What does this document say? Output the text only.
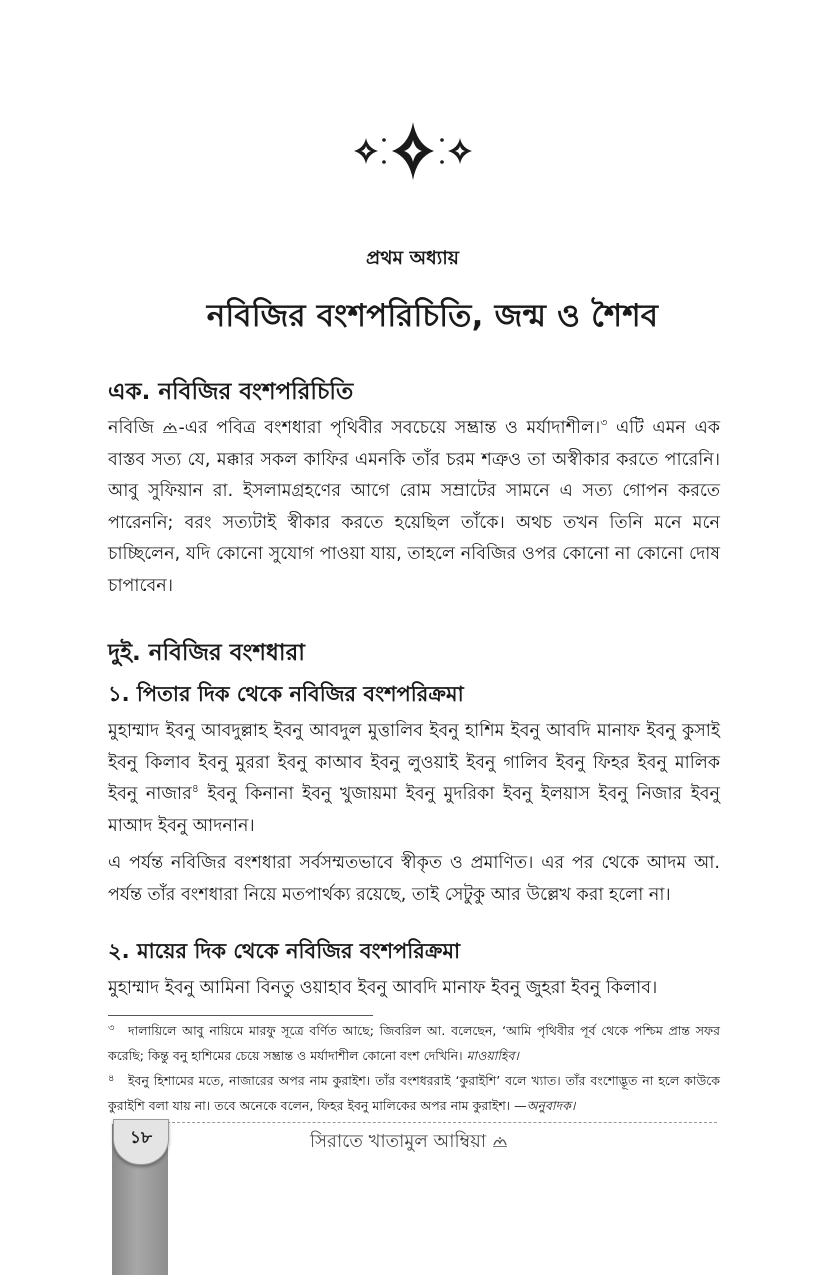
প্রথম অধ্যায়
নবিজির বংশপরিচিতি, জন্ম ও শৈশব
এক. নবিজির বংশপরিচিতি

নবিজি -এর পবিত্র বংশধারা পৃথিবীর সবচেয়ে সম্ভ্রান্ত ও মর্যাদাশীল।$^৩$ এটি এমন এক বাস্তব সত্য যে, মক্কার সকল কাফির এমনকি তাঁর চরম শত্রুও তা অস্বীকার করতে পারেনি। আবু সুফিয়ান রা. ইসলামগ্রহণের আগে রোম সম্রাটের সামনে এ সত্য গোপন করতে পারেননি; বরং সত্যটাই স্বীকার করতে হয়েছিল তাঁকে। অথচ তখন তিনি মনে মনে চাচ্ছিলেন, যদি কোনো সুযোগ পাওয়া যায়, তাহলে নবিজির ওপর কোনো না কোনো দোষ চাপাবেন।

দুই. নবিজির বংশধারা
১. পিতার দিক থেকে নবিজির বংশপরিক্রমা

মুহাম্মাদ ইবনু আবদুল্লাহ ইবনু আবদুল মুত্তালিব ইবনু হাশিম ইবনু আবদি মানাফ ইবনু কুসাই ইবনু কিলাব ইবনু মুররা ইবনু কাআব ইবনু লুওয়াই ইবনু গালিব ইবনু ফিহর ইবনু মালিক ইবনু নাজার$^৪$ ইবনু কিনানা ইবনু খুজায়মা ইবনু মুদরিকা ইবনু ইলয়াস ইবনু নিজার ইবনু মাআদ ইবনু আদনান।

এ পর্যন্ত নবিজির বংশধারা সর্বসম্মতভাবে স্বীকৃত ও প্রমাণিত। এর পর থেকে আদম আ. পর্যন্ত তাঁর বংশধারা নিয়ে মতপার্থক্য রয়েছে, তাই সেটুকু আর উল্লেখ করা হলো না।

২. মায়ের দিক থেকে নবিজির বংশপরিক্রমা

মুহাম্মাদ ইবনু আমিনা বিনতু ওয়াহাব ইবনু আবদি মানাফ ইবনু জুহরা ইবনু কিলাব।

৩ দালায়িলে আবু নায়িমে মারফু সূত্রে বর্ণিত আছে; জিবরিল আ. বলেছেন, ‘আমি পৃথিবীর পূর্ব থেকে পশ্চিম প্রান্ত সফর করেছি; কিন্তু বনু হাশিমের চেয়ে সম্ভ্রান্ত ও মর্যাদাশীল কোনো বংশ দেখিনি। মাওয়াহিব।

৪ ইবনু হিশামের মতে, নাজারের অপর নাম কুরাইশ। তাঁর বংশধররাই ‘কুরাইশি’ বলে খ্যাত। তাঁর বংশোদ্ভূত না হলে কাউকে কুরাইশি বলা যায় না। তবে অনেকে বলেন, ফিহর ইবনু মালিকের অপর নাম কুরাইশ। —অনুবাদক।

১৮	সিরাতে খাতামুল আম্বিয়া
